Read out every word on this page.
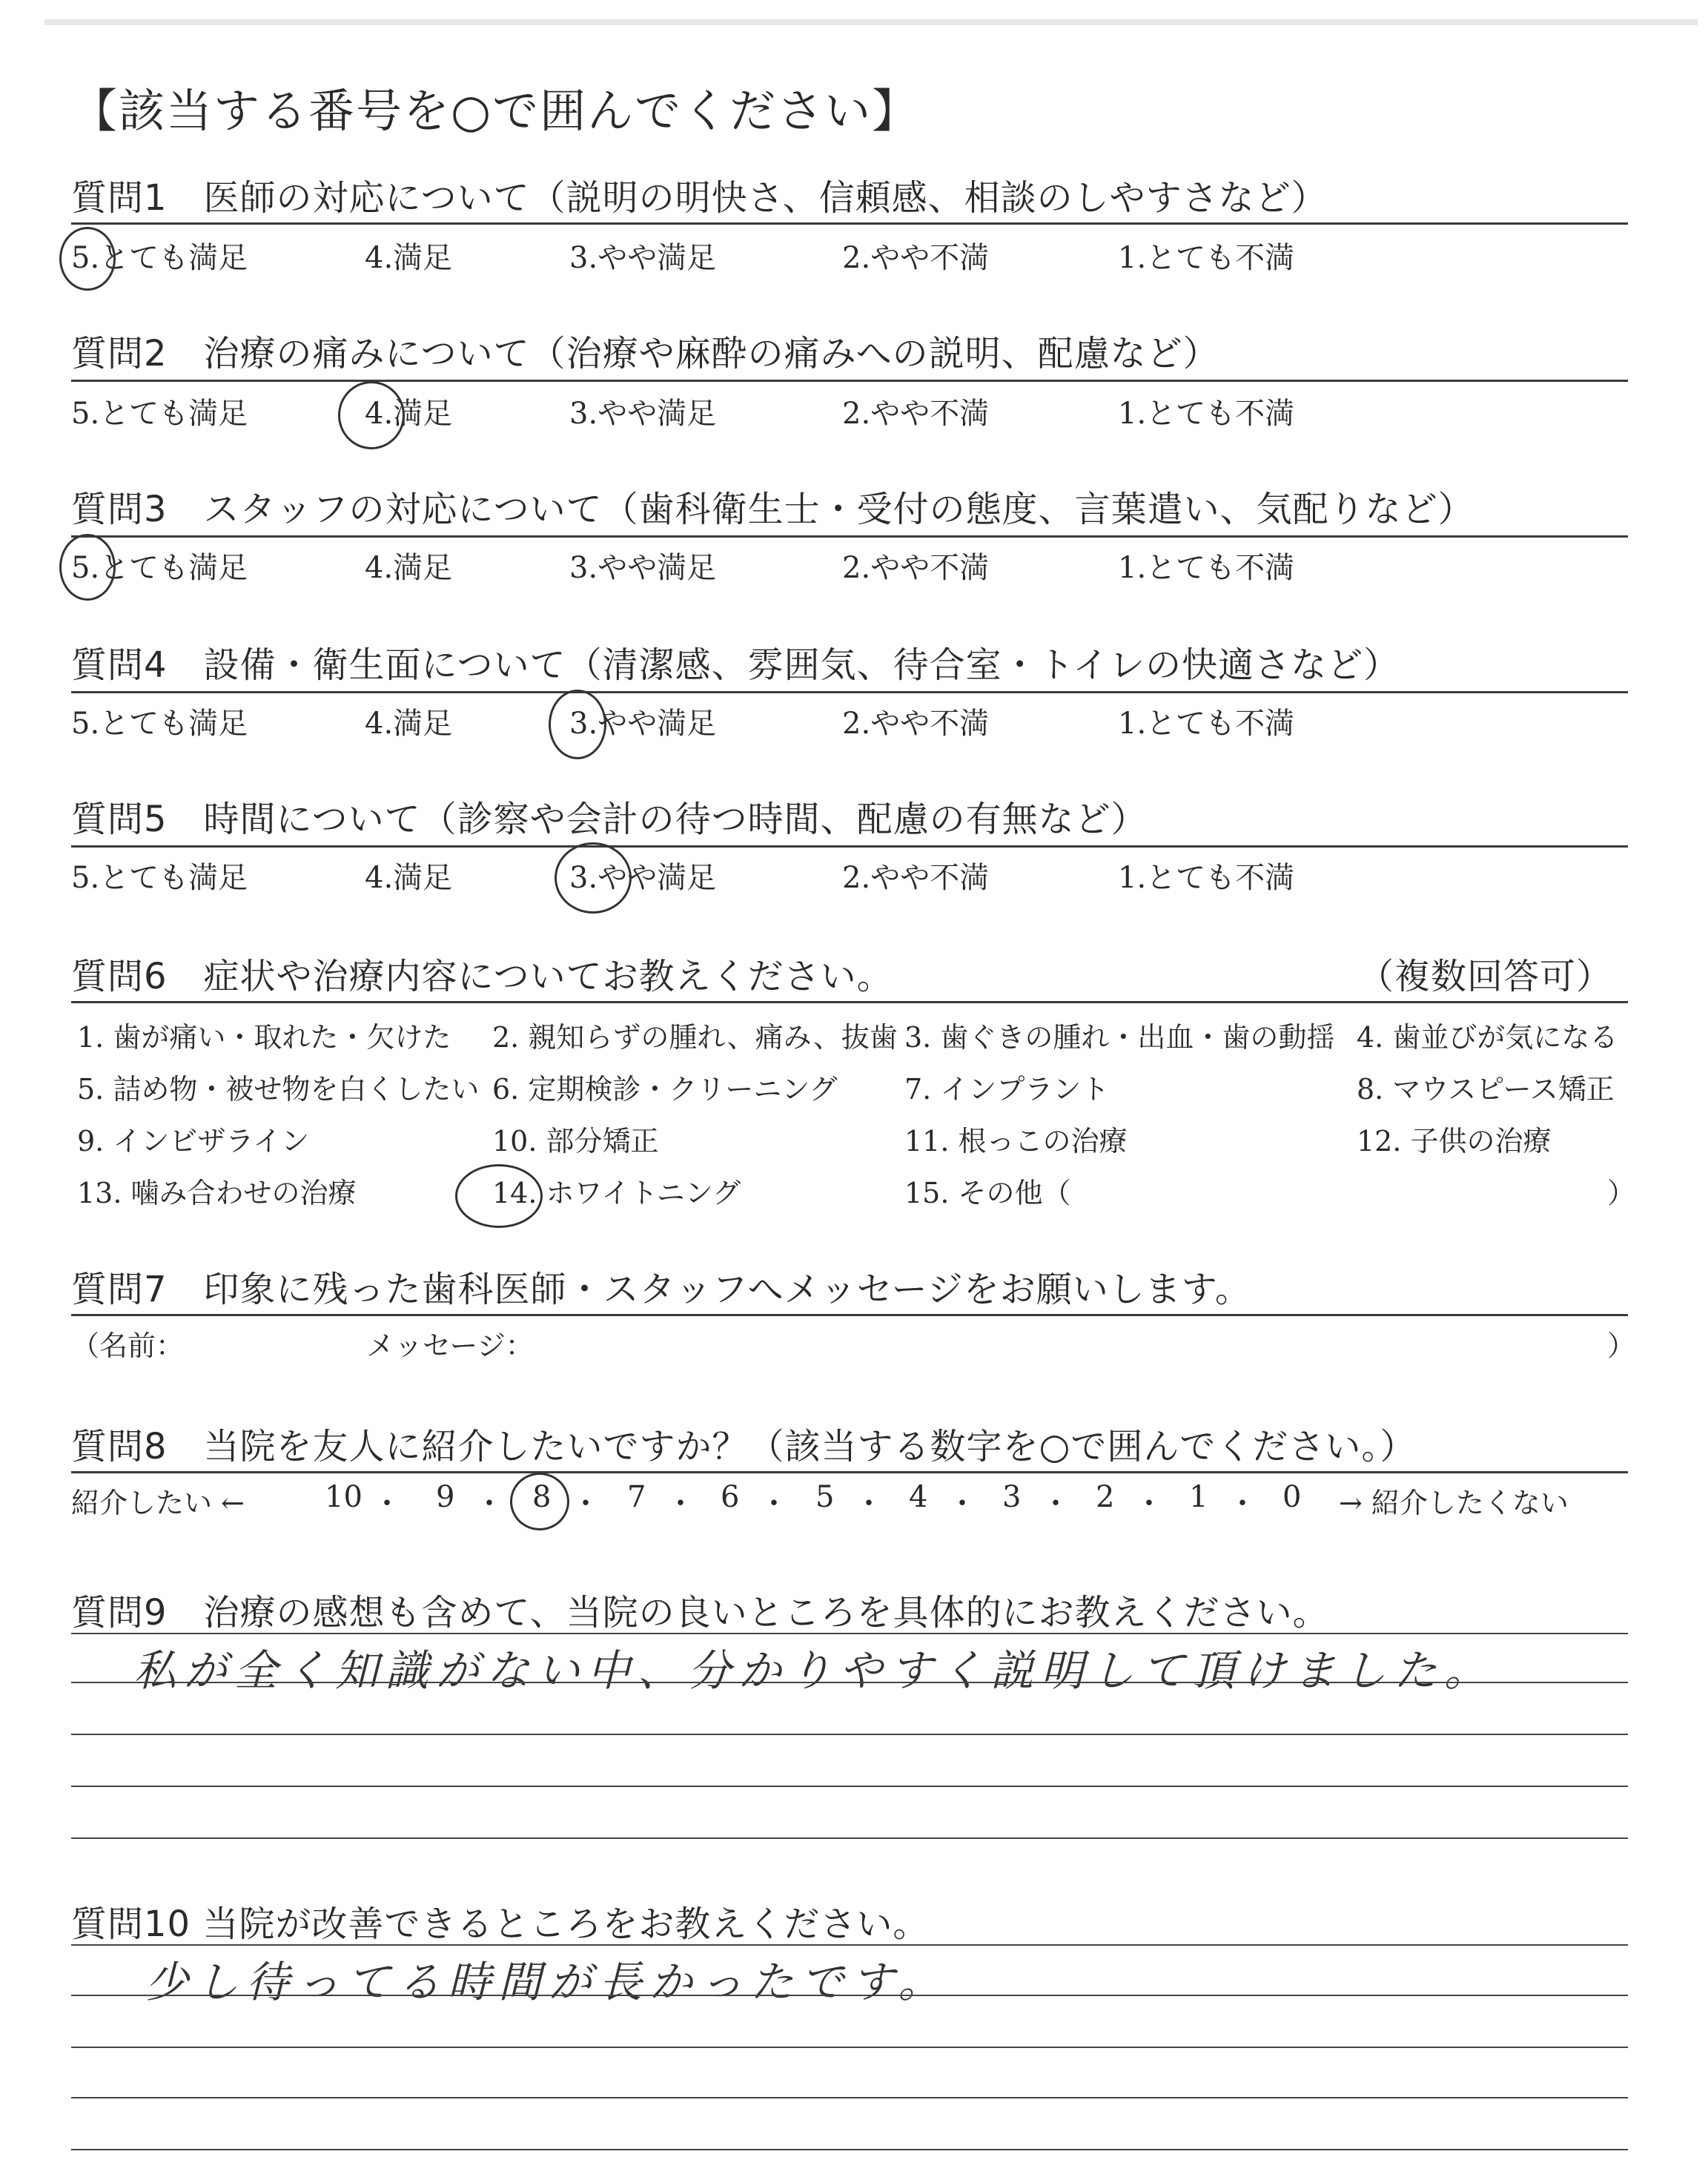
【該当する番号を○で囲んでください】
質問1　医師の対応について（説明の明快さ、信頼感、相談のしやすさなど）
5.とても満足	4.満足	3.やや満足	2.やや不満	1.とても不満
質問2　治療の痛みについて（治療や麻酔の痛みへの説明、配慮など）
5.とても満足	4.満足	3.やや満足	2.やや不満	1.とても不満
質問3　スタッフの対応について（歯科衛生士・受付の態度、言葉遣い、気配りなど）
5.とても満足	4.満足	3.やや満足	2.やや不満	1.とても不満
質問4　設備・衛生面について（清潔感、雰囲気、待合室・トイレの快適さなど）
5.とても満足	4.満足	3.やや満足	2.やや不満	1.とても不満
質問5　時間について（診察や会計の待つ時間、配慮の有無など）
5.とても満足	4.満足	3.やや満足	2.やや不満	1.とても不満
質問6　症状や治療内容についてお教えください。	（複数回答可）
1. 歯が痛い・取れた・欠けた 2. 親知らずの腫れ、痛み、抜歯 3. 歯ぐきの腫れ・出血・歯の動揺 4. 歯並びが気になる
5. 詰め物・被せ物を白くしたい 6. 定期検診・クリーニング 7. インプラント	8. マウスピース矯正
9. インビザライン	10. 部分矯正	11. 根っこの治療	12. 子供の治療
13. 噛み合わせの治療	14. ホワイトニング	15. その他（	）
質問7　印象に残った歯科医師・スタッフへメッセージをお願いします。
（名前：	メッセージ：	）
質問8　当院を友人に紹介したいですか？（該当する数字を○で囲んでください。）
紹介したい ←	10 ・ 9 ・ 8 ・ 7 ・ 6 ・ 5 ・ 4 ・ 3 ・ 2 ・ 1 ・ 0 → 紹介したくない
質問9　治療の感想も含めて、当院の良いところを具体的にお教えください。
私が全く知識がない中、分かりやすく説明して頂けました。
質問10 当院が改善できるところをお教えください。
少し待ってる時間が長かったです。
